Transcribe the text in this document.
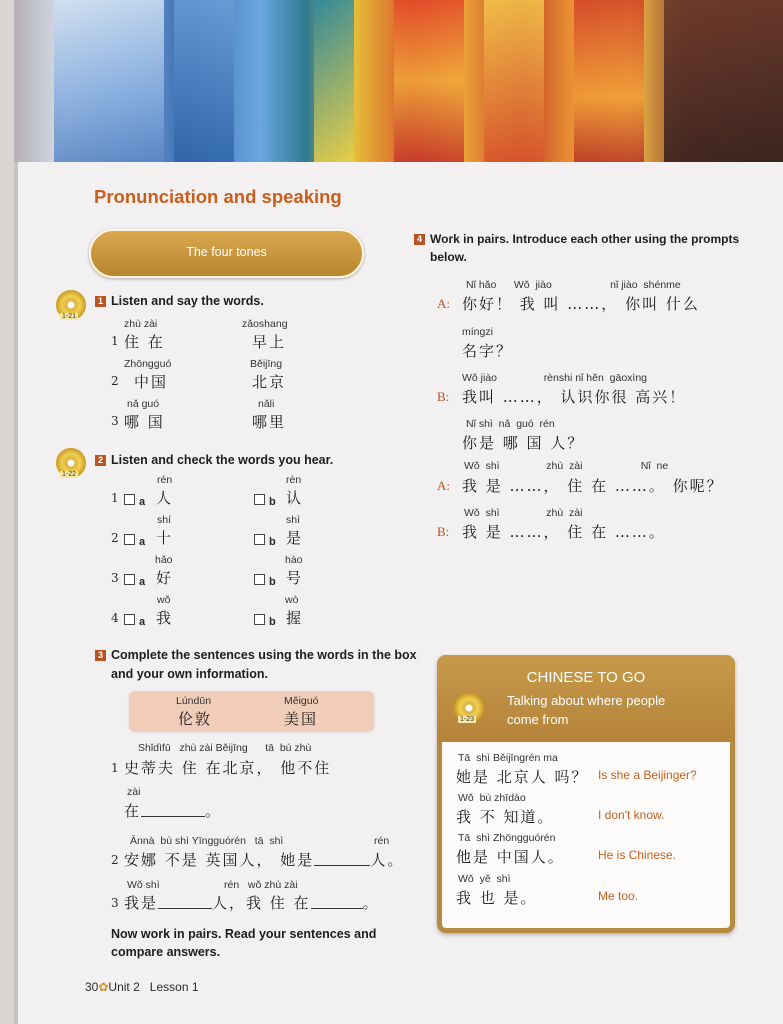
Pronunciation and speaking
The four tones
1-21
1 Listen and say the words.
zhù zài	zǎoshang
1 住 在	早上
Zhōngguó	Běijīng
2 中国	北京
nǎ guó	nǎli
3 哪 国	哪里
1-22
2 Listen and check the words you hear.
rén	rèn
1	a 人	b 认
shí	shì
2	a 十	b 是
hǎo	hào
3	a 好	b 号
wǒ	wò
4	a 我	b 握
3 Complete the sentences using the words in the box
and your own information.
Lúndūn
伦敦
Měiguó
美国
Shǐdìfū   zhù zài Běijīng      tā  bú zhù
1 史蒂夫 住 在北京， 他不住
zài
在	。
Ānnà  bù shì Yīngguórén   tā  shì	rén
2 安娜 不是 英国人， 她是	人。
Wǒ shì	rén   wǒ zhù zài
3 我是	人，我 住 在	。
Now work in pairs. Read your sentences and
compare answers.
30✿Unit 2 Lesson 1
4 Work in pairs. Introduce each other using the prompts
below.
Nǐ hǎo      Wǒ  jiào                    nǐ jiào  shénme
A: 你好！ 我 叫 ……， 你叫 什么
míngzi
名字？
Wǒ jiào                rènshi nǐ hěn  gāoxìng
B: 我叫 ……， 认识你很 高兴！
Nǐ shì  nǎ  guó  rén
你是 哪 国 人？
Wǒ  shì                zhù  zài                    Nǐ  ne
A: 我 是 ……， 住 在 ……。 你呢？
Wǒ  shì                zhù  zài
B: 我 是 ……， 住 在 ……。
CHINESE TO GO
Talking about where people
come from
1-23
Tā  shì Běijīngrén ma
她是 北京人 吗？ Is she a Beijinger?
Wǒ  bù zhīdào
我 不 知道。	I don't know.
Tā  shì Zhōngguórén
他是 中国人。	He is Chinese.
Wǒ  yě  shì
我 也 是。	Me too.
